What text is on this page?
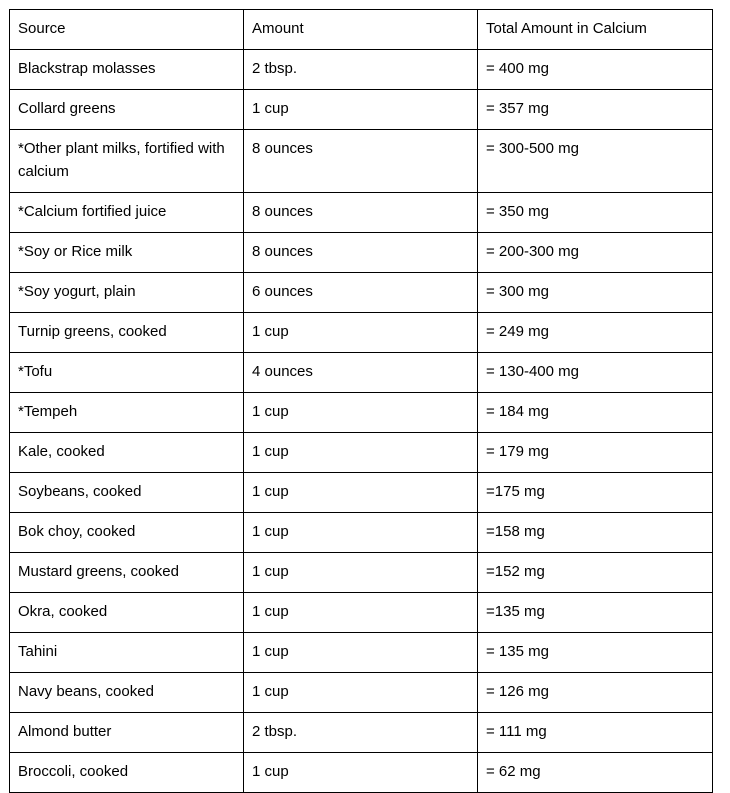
Source	Amount	Total Amount in Calcium
Blackstrap molasses	2 tbsp.	= 400 mg
Collard greens	1 cup	= 357 mg
*Other plant milks, fortified with calcium	8 ounces	= 300-500 mg
*Calcium fortified juice	8 ounces	= 350 mg
*Soy or Rice milk	8 ounces	= 200-300 mg
*Soy yogurt, plain	6 ounces	= 300 mg
Turnip greens, cooked	1 cup	= 249 mg
*Tofu	4 ounces	= 130-400 mg
*Tempeh	1 cup	= 184 mg
Kale, cooked	1 cup	= 179 mg
Soybeans, cooked	1 cup	=175 mg
Bok choy, cooked	1 cup	=158 mg
Mustard greens, cooked	1 cup	=152 mg
Okra, cooked	1 cup	=135 mg
Tahini	1 cup	= 135 mg
Navy beans, cooked	1 cup	= 126 mg
Almond butter	2 tbsp.	= 111 mg
Broccoli, cooked	1 cup	= 62 mg
